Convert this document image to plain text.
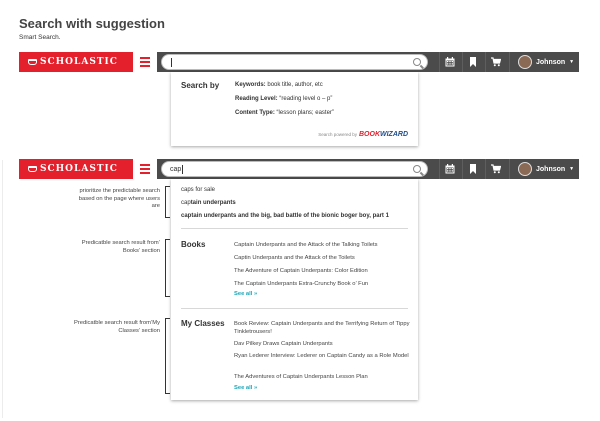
Search with suggestion
Smart Search.
SCHOLASTIC	Johnson ▼
Search by	Keywords: book title, author, etc
Reading Level: “reading level o – p”
Content Type: “lesson plans; easter”
Search powered by BOOKWIZARD
SCHOLASTIC	cap	Johnson ▼
caps for sale
captain underpants
captain underpants and the big, bad battle of the bionic boger boy, part 1
Books	Captain Underpants and the Attack of the Talking Toilets
Captin Underpants and the Attack of the Toilets
The Adventure of Captain Underpants: Color Edition
The Captain Underpants Extra-Crunchy Book o’ Fun
See all »
My Classes Book Review: Captain Underpants and the Terrifying Return of Tippy Tinkletrousers!
Dav Pilkey Draws Captain Underpants
Ryan Lederer Interview: Lederer on Captain Candy as a Role Model
The Adventures of Captain Underpants Lesson Plan
See all »
prioritize the predictable search based on the page where users are
Predicatble search result from’ Books’ section
Predicatble search result from’My Classes’ section
